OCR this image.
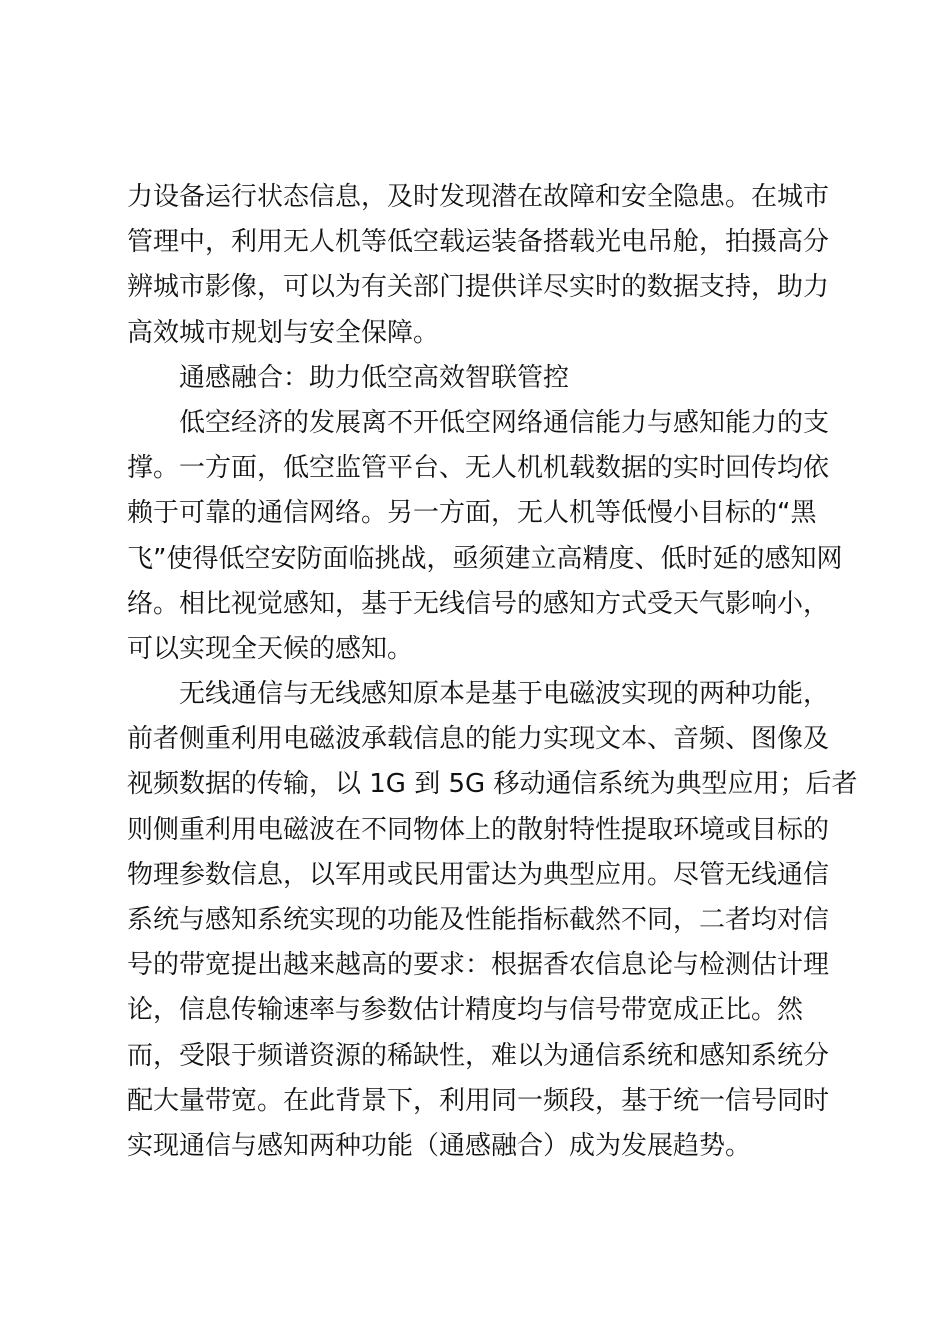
力设备运行状态信息，及时发现潜在故障和安全隐患。在城市
管理中，利用无人机等低空载运装备搭载光电吊舱，拍摄高分
辨城市影像，可以为有关部门提供详尽实时的数据支持，助力
高效城市规划与安全保障。
通感融合：助力低空高效智联管控
低空经济的发展离不开低空网络通信能力与感知能力的支
撑。一方面，低空监管平台、无人机机载数据的实时回传均依
赖于可靠的通信网络。另一方面，无人机等低慢小目标的“黑
飞”使得低空安防面临挑战，亟须建立高精度、低时延的感知网
络。相比视觉感知，基于无线信号的感知方式受天气影响小，
可以实现全天候的感知。
无线通信与无线感知原本是基于电磁波实现的两种功能，
前者侧重利用电磁波承载信息的能力实现文本、音频、图像及
视频数据的传输，以 1G 到 5G 移动通信系统为典型应用；后者
则侧重利用电磁波在不同物体上的散射特性提取环境或目标的
物理参数信息，以军用或民用雷达为典型应用。尽管无线通信
系统与感知系统实现的功能及性能指标截然不同，二者均对信
号的带宽提出越来越高的要求：根据香农信息论与检测估计理
论，信息传输速率与参数估计精度均与信号带宽成正比。然
而，受限于频谱资源的稀缺性，难以为通信系统和感知系统分
配大量带宽。在此背景下，利用同一频段，基于统一信号同时
实现通信与感知两种功能（通感融合）成为发展趋势。
